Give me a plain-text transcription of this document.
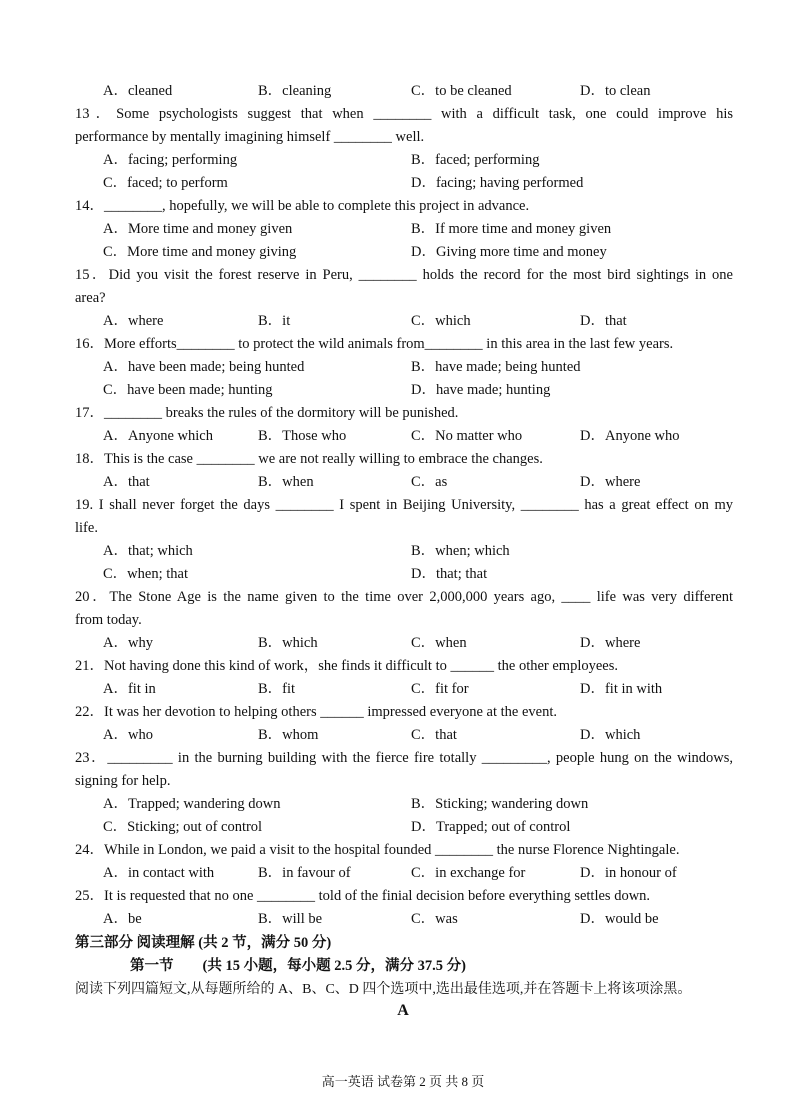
A．cleaned	B．cleaning	C．to be cleaned	D．to clean
13．Some psychologists suggest that when ________ with a difficult task, one could improve his
performance by mentally imagining himself ________ well.
A．facing; performing	B．faced; performing
C．faced; to perform	D．facing; having performed
14．________, hopefully, we will be able to complete this project in advance.
A．More time and money given	B．If more time and money given
C．More time and money giving	D．Giving more time and money
15．Did you visit the forest reserve in Peru, ________ holds the record for the most bird sightings in one
area?
A．where	B．it	C．which	D．that
16．More efforts________ to protect the wild animals from________ in this area in the last few years.
A．have been made; being hunted	B．have made; being hunted
C．have been made; hunting	D．have made; hunting
17．________ breaks the rules of the dormitory will be punished.
A．Anyone which	B．Those who	C．No matter who	D．Anyone who
18．This is the case ________ we are not really willing to embrace the changes.
A．that	B．when	C．as	D．where
19. I shall never forget the days ________ I spent in Beijing University, ________ has a great effect on my
life.
A．that; which	B．when; which
C．when; that	D．that; that
20．The Stone Age is the name given to the time over 2,000,000 years ago, ____ life was very different
from today.
A．why	B．which	C．when	D．where
21．Not having done this kind of work，she finds it difficult to ______ the other employees.
A．fit in	B．fit	C．fit for	D．fit in with
22．It was her devotion to helping others ______ impressed everyone at the event.
A．who	B．whom	C．that	D．which
23．_________ in the burning building with the fierce fire totally _________, people hung on the windows,
signing for help.
A．Trapped; wandering down	B．Sticking; wandering down
C．Sticking; out of control	D．Trapped; out of control
24．While in London, we paid a visit to the hospital founded ________ the nurse Florence Nightingale.
A．in contact with	B．in favour of	C．in exchange for	D．in honour of
25．It is requested that no one ________ told of the finial decision before everything settles down.
A．be	B．will be	C．was	D．would be
第三部分 阅读理解 (共 2 节，满分 50 分)
第一节　　(共 15 小题，每小题 2.5 分，满分 37.5 分)
阅读下列四篇短文,从每题所给的 A、B、C、D 四个选项中,选出最佳选项,并在答题卡上将该项涂黑。
A
高一英语 试卷第 2 页 共 8 页
